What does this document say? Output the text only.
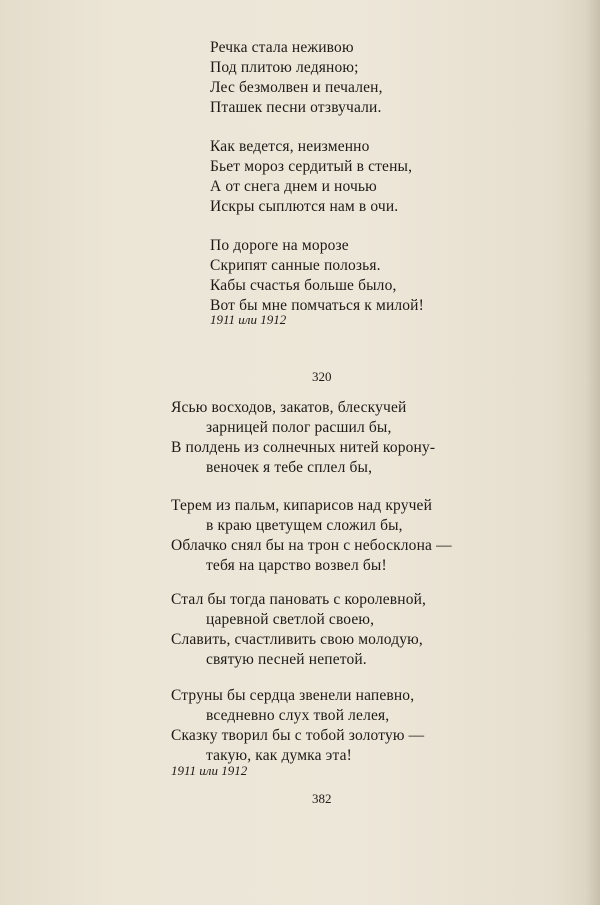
Речка стала неживою
Под плитою ледяною;
Лес безмолвен и печален,
Пташек песни отзвучали.
Как ведется, неизменно
Бьет мороз сердитый в стены,
А от снега днем и ночью
Искры сыплются нам в очи.
По дороге на морозе
Скрипят санные полозья.
Кабы счастья больше было,
Вот бы мне помчаться к милой!
1911 или 1912
320
Ясью восходов, закатов, блескучей
зарницей полог расшил бы,
В полдень из солнечных нитей корону-
веночек я тебе сплел бы,
Терем из пальм, кипарисов над кручей
в краю цветущем сложил бы,
Облачко снял бы на трон с небосклона —
тебя на царство возвел бы!
Стал бы тогда пановать с королевной,
царевной светлой своею,
Славить, счастливить свою молодую,
святую песней непетой.
Струны бы сердца звенели напевно,
вседневно слух твой лелея,
Сказку творил бы с тобой золотую —
такую, как думка эта!
1911 или 1912
382
